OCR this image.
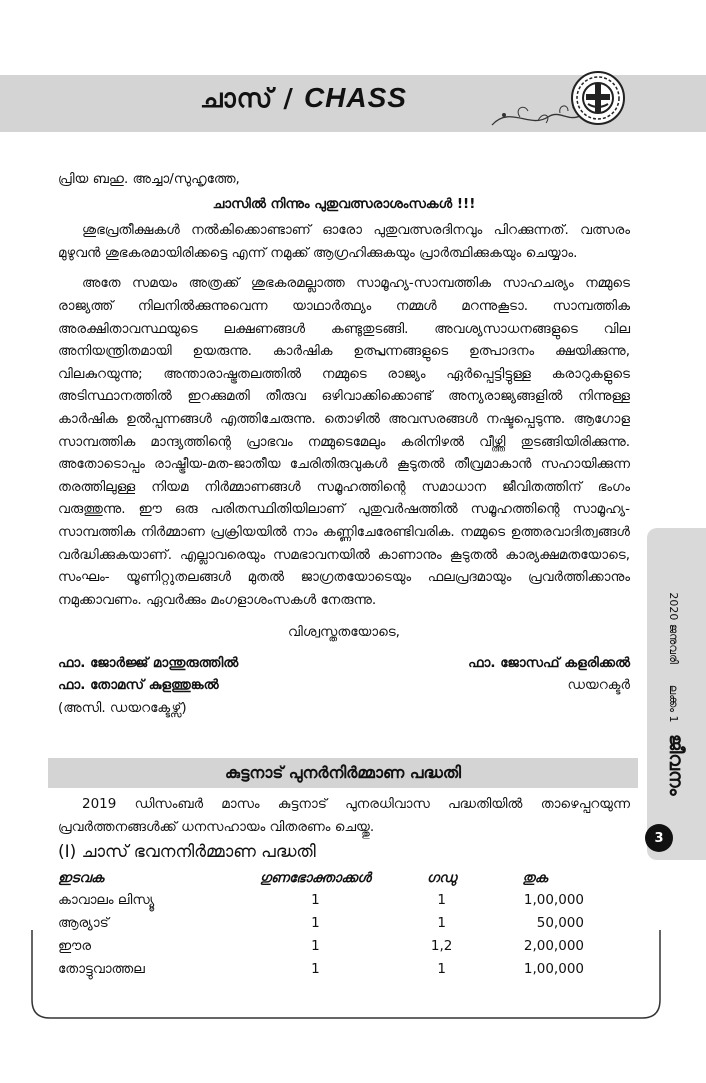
ചാസ് / CHASS
2020 ജനുവരി      ലക്കം 1 ജീവനം
3

പ്രിയ ബഹു. അച്ചാ/സുഹൃത്തേ,

ചാസിൽ നിന്നും പുതുവത്സരാശംസകൾ !!!

ശുഭപ്രതീക്ഷകൾ നൽകിക്കൊണ്ടാണ് ഓരോ പുതുവത്സരദിനവും പിറക്കുന്നത്. വത്സരം മുഴുവൻ ശുഭകരമായിരിക്കട്ടെ എന്ന് നമുക്ക് ആഗ്രഹിക്കുകയും പ്രാർത്ഥിക്കുകയും ചെയ്യാം.

അതേ സമയം അത്രക്ക് ശുഭകരമല്ലാത്ത സാമൂഹ്യ-സാമ്പത്തിക സാഹചര്യം നമ്മുടെ രാജ്യത്ത് നിലനിൽക്കുന്നുവെന്ന യാഥാർത്ഥ്യം നമ്മൾ മറന്നുകൂടാ. സാമ്പത്തിക അരക്ഷിതാവസ്ഥയുടെ ലക്ഷണങ്ങൾ കണ്ടുതുടങ്ങി. അവശ്യസാധനങ്ങളുടെ വില അനിയന്ത്രിതമായി ഉയരുന്നു. കാർഷിക ഉത്പ്പന്നങ്ങളുടെ ഉത്പാദനം ക്ഷയിക്കുന്നു, വിലകുറയുന്നു; അന്താരാഷ്ട്രതലത്തിൽ നമ്മുടെ രാജ്യം ഏർപ്പെട്ടിട്ടുള്ള കരാറുകളുടെ അടിസ്ഥാനത്തിൽ ഇറക്കുമതി തീരുവ ഒഴിവാക്കിക്കൊണ്ട് അന്യരാജ്യങ്ങളിൽ നിന്നുള്ള കാർഷിക ഉൽപ്പന്നങ്ങൾ എത്തിചേരുന്നു. തൊഴിൽ അവസരങ്ങൾ നഷ്ടപ്പെടുന്നു. ആഗോള സാമ്പത്തിക മാന്ദ്യത്തിന്റെ പ്രാഭവം നമ്മുടെമേലും കരിനിഴൽ വീഴ്ത്തി തുടങ്ങിയിരിക്കുന്നു. അതോടൊപ്പം രാഷ്ട്രീയ-മത-ജാതീയ ചേരിതിരുവുകൾ കൂടുതൽ തീവ്രമാകാൻ സഹായിക്കുന്ന തരത്തിലുള്ള നിയമ നിർമ്മാണങ്ങൾ സമൂഹത്തിന്റെ സമാധാന ജീവിതത്തിന് ഭംഗം വരുത്തുന്നു. ഈ ഒരു പരിതസ്ഥിതിയിലാണ് പുതുവർഷത്തിൽ സമൂഹത്തിന്റെ സാമൂഹ്യ-സാമ്പത്തിക നിർമ്മാണ പ്രക്രിയയിൽ നാം കണ്ണിചേരേണ്ടിവരിക. നമ്മുടെ ഉത്തരവാദിത്വങ്ങൾ വർദ്ധിക്കുകയാണ്. എല്ലാവരെയും സമഭാവനയിൽ കാണാനും കൂടുതൽ കാര്യക്ഷമതയോടെ, സംഘം- യൂണിറ്റുതലങ്ങൾ മുതൽ ജാഗ്രതയോടെയും ഫലപ്രദമായും പ്രവർത്തിക്കാനും നമുക്കാവണം. ഏവർക്കും മംഗളാശംസകൾ നേരുന്നു.

വിശ്വസ്തതയോടെ,

ഫാ. ജോർജ്ജ് മാന്തുരുത്തിൽ	ഫാ. ജോസഫ് കളരിക്കൽ
ഫാ. തോമസ് കുളത്തുങ്കൽ	ഡയറക്ടർ

(അസി. ഡയറക്ടേഴ്സ്)

കുട്ടനാട് പുനർനിർമ്മാണ പദ്ധതി

2019 ഡിസംബർ മാസം കുട്ടനാട് പുനരധിവാസ പദ്ധതിയിൽ താഴെപ്പറയുന്ന പ്രവർത്തനങ്ങൾക്ക് ധനസഹായം വിതരണം ചെയ്തു.

(I) ചാസ് ഭവനനിർമ്മാണ പദ്ധതി
ഇടവക	ഗുണഭോക്താക്കൾ	ഗഡു	തുക
കാവാലം ലിസ്യൂ	1	1	1,00,000
ആര്യാട്	1	1	50,000
ഈര	1	1,2	2,00,000
തോട്ടുവാത്തല	1	1	1,00,000
